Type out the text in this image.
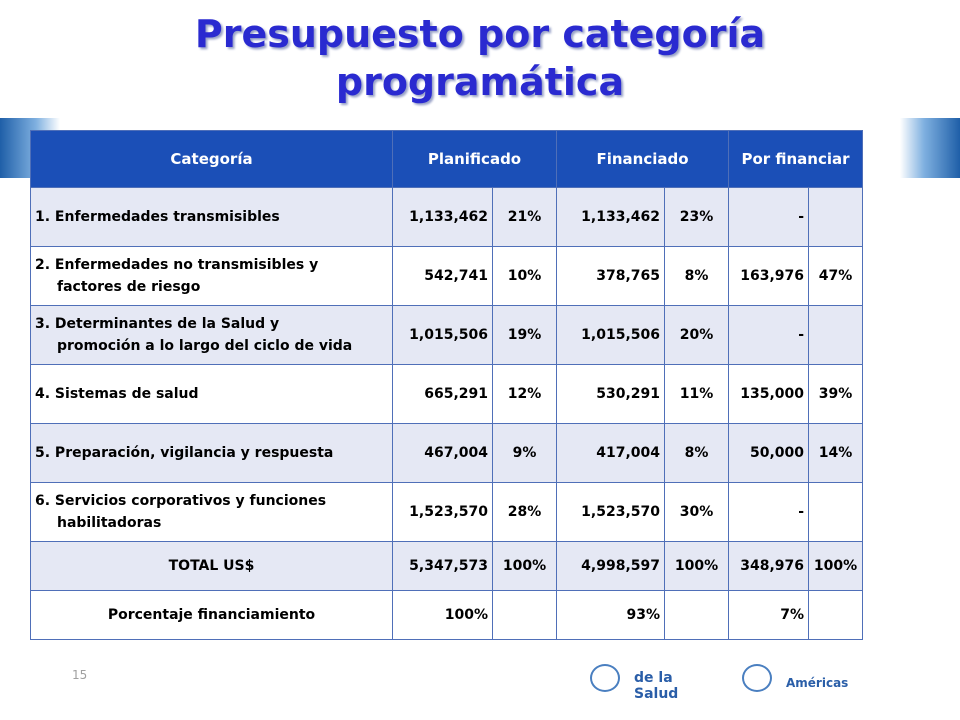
Presupuesto por categoría
programática
Categoría	Planificado		Financiado		Por financiar	

1. Enfermedades transmisibles	1,133,462	21%	1,133,462	23%	-	

2. Enfermedades no transmisibles y
factores de riesgo	542,741	10%	378,765	8%	163,976	47%

3. Determinantes de la Salud y
promoción a lo largo del ciclo de vida	1,015,506	19%	1,015,506	20%	-	

4. Sistemas de salud	665,291	12%	530,291	11%	135,000	39%

5. Preparación, vigilancia y respuesta	467,004	9%	417,004	8%	50,000	14%

6. Servicios corporativos y funciones
habilitadoras	1,523,570	28%	1,523,570	30%	-	
TOTAL US$	5,347,573	100%	4,998,597	100%	348,976	100%
Porcentaje financiamiento	100%		93%		7%	
15	de la Salud
Américas
